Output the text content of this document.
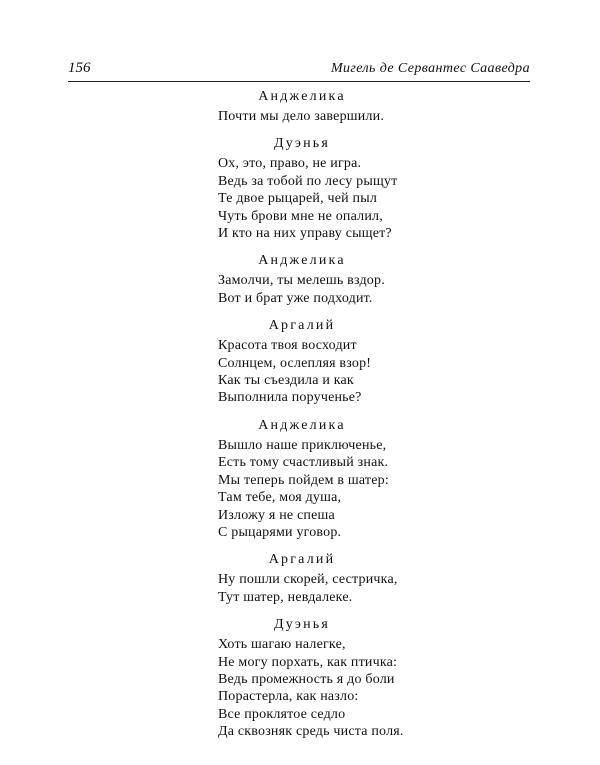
156	Мигель де Сервантес Сааведра
Анджелика
Почти мы дело завершили.
Дуэнья
Ох, это, право, не игра.
Ведь за тобой по лесу рыщут
Те двое рыцарей, чей пыл
Чуть брови мне не опалил,
И кто на них управу сыщет?
Анджелика
Замолчи, ты мелешь вздор.
Вот и брат уже подходит.
Аргалий
Красота твоя восходит
Солнцем, ослепляя взор!
Как ты съездила и как
Выполнила порученье?
Анджелика
Вышло наше приключенье,
Есть тому счастливый знак.
Мы теперь пойдем в шатер:
Там тебе, моя душа,
Изложу я не спеша
С рыцарями уговор.
Аргалий
Ну пошли скорей, сестричка,
Тут шатер, невдалеке.
Дуэнья
Хоть шагаю налегке,
Не могу порхать, как птичка:
Ведь промежность я до боли
Порастерла, как назло:
Все проклятое седло
Да сквозняк средь чиста поля.
